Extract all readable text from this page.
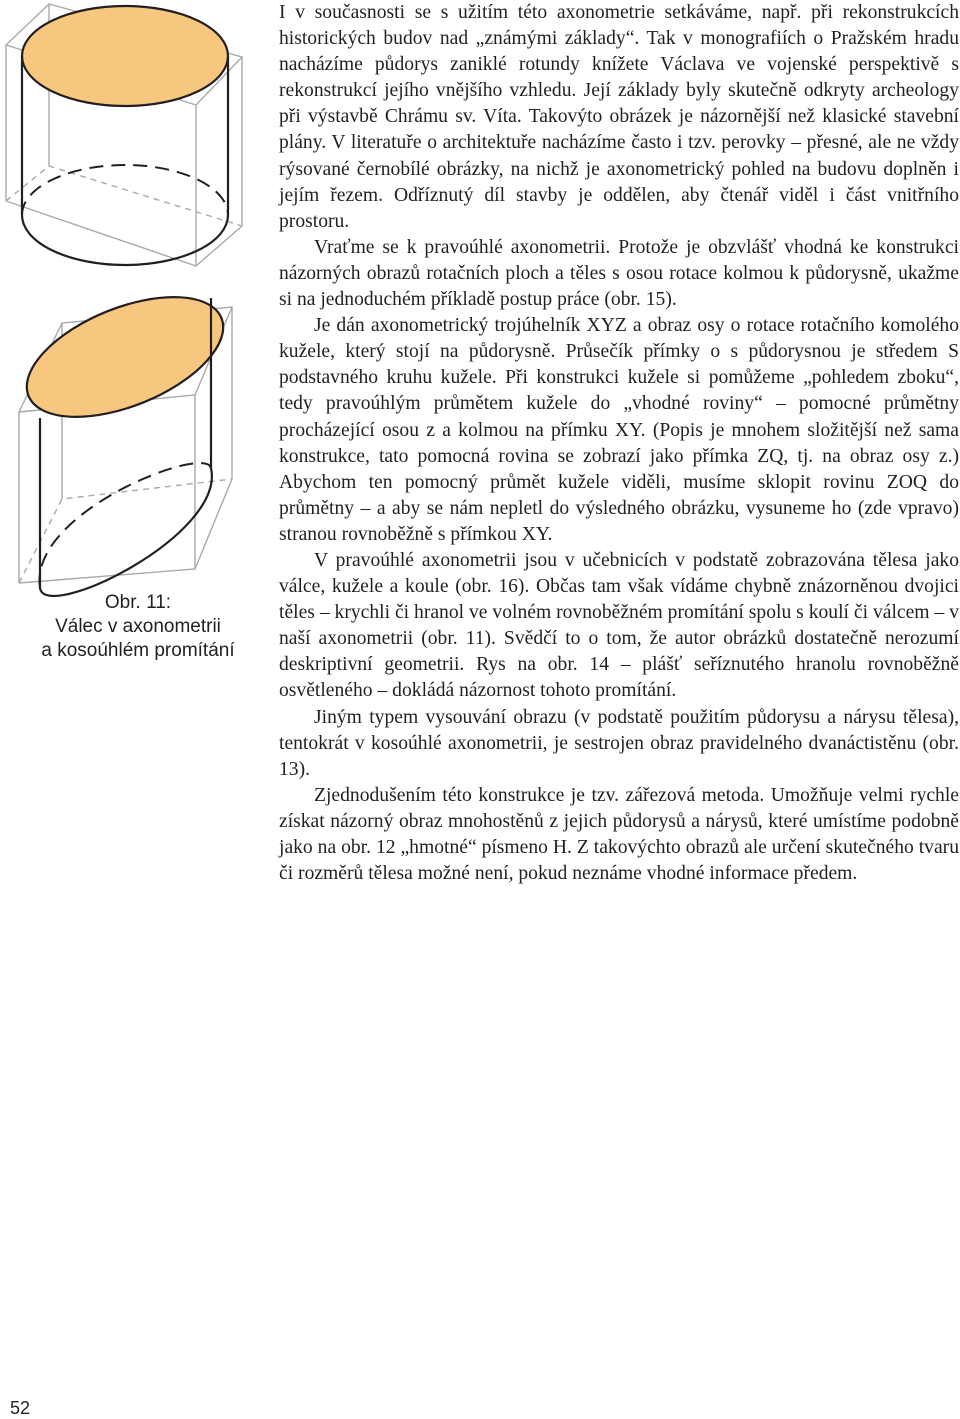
Obr. 11:
Válec v axonometrii
a kosoúhlém promítání

I v současnosti se s užitím této axonometrie setkáváme, např. při rekonstrukcích historických budov nad „známými základy“. Tak v monografiích o Pražském hradu nacházíme půdorys zaniklé rotundy knížete Václava ve vojenské perspektivě s rekonstrukcí jejího vnějšího vzhledu. Její základy byly skutečně odkryty archeology při výstavbě Chrámu sv. Víta. Takovýto obrázek je názornější než klasické stavební plány. V literatuře o architektuře nacházíme často i tzv. perovky – přesné, ale ne vždy rýsované černobílé obrázky, na nichž je axonometrický pohled na budovu doplněn i jejím řezem. Odříznutý díl stavby je oddělen, aby čtenář viděl i část vnitřního prostoru.

Vraťme se k pravoúhlé axonometrii. Protože je obzvlášť vhodná ke konstrukci názorných obrazů rotačních ploch a těles s osou rotace kolmou k půdorysně, ukažme si na jednoduchém příkladě postup práce (obr. 15).

Je dán axonometrický trojúhelník XYZ a obraz osy o rotace rotačního komolého kužele, který stojí na půdorysně. Průsečík přímky o s půdorysnou je středem S podstavného kruhu kužele. Při konstrukci kužele si pomůžeme „pohledem zboku“, tedy pravoúhlým průmětem kužele do „vhodné roviny“ – pomocné průmětny procházející osou z a kolmou na přímku XY. (Popis je mnohem složitější než sama konstrukce, tato pomocná rovina se zobrazí jako přímka ZQ, tj. na obraz osy z.) Abychom ten pomocný průmět kužele viděli, musíme sklopit rovinu ZOQ do průmětny – a aby se nám nepletl do výsledného obrázku, vysuneme ho (zde vpravo) stranou rovnoběžně s přímkou XY.

V pravoúhlé axonometrii jsou v učebnicích v podstatě zobrazována tělesa jako válce, kužele a koule (obr. 16). Občas tam však vídáme chybně znázorněnou dvojici těles – krychli či hranol ve volném rovnoběžném promítání spolu s koulí či válcem – v naší axonometrii (obr. 11). Svědčí to o tom, že autor obrázků dostatečně nerozumí deskriptivní geometrii. Rys na obr. 14 – plášť seříznutého hranolu rovnoběžně osvětleného – dokládá názornost tohoto promítání.

Jiným typem vysouvání obrazu (v podstatě použitím půdorysu a nárysu tělesa), tentokrát v kosoúhlé axonometrii, je sestrojen obraz pravidelného dvanáctistěnu (obr. 13).

Zjednodušením této konstrukce je tzv. zářezová metoda. Umožňuje velmi rychle získat názorný obraz mnohostěnů z jejich půdorysů a nárysů, které umístíme podobně jako na obr. 12 „hmotné“ písmeno H. Z takovýchto obrazů ale určení skutečného tvaru či rozměrů tělesa možné není, pokud neznáme vhodné informace předem.

52
